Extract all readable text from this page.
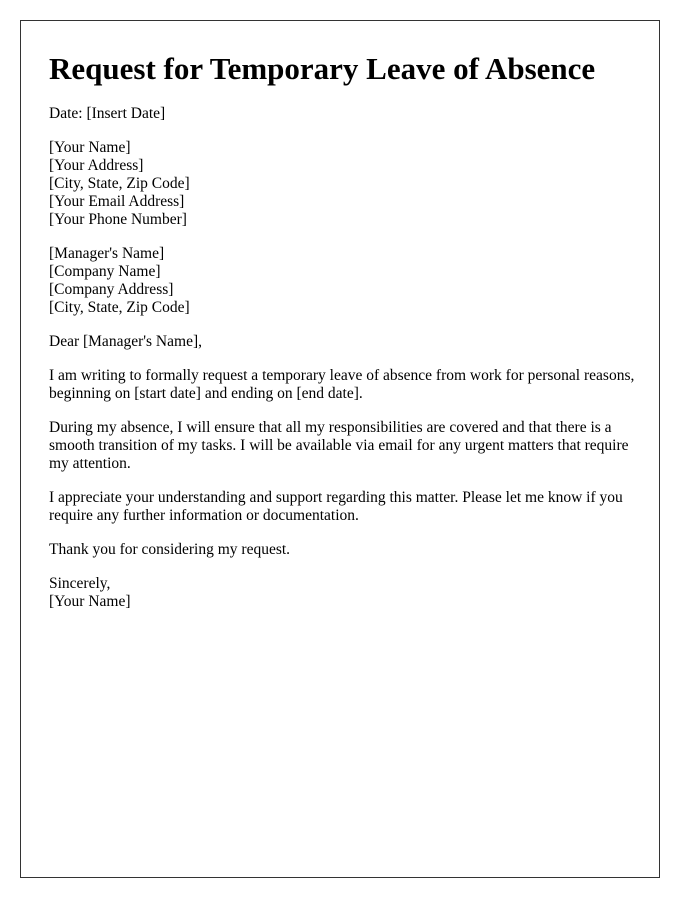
Request for Temporary Leave of Absence

Date: [Insert Date]

[Your Name]

[Your Address]

[City, State, Zip Code]

[Your Email Address]

[Your Phone Number]

[Manager's Name]

[Company Name]

[Company Address]

[City, State, Zip Code]

Dear [Manager's Name],

I am writing to formally request a temporary leave of absence from work for personal reasons, beginning on [start date] and ending on [end date].

During my absence, I will ensure that all my responsibilities are covered and that there is a smooth transition of my tasks. I will be available via email for any urgent matters that require my attention.

I appreciate your understanding and support regarding this matter. Please let me know if you require any further information or documentation.

Thank you for considering my request.

Sincerely,

[Your Name]
